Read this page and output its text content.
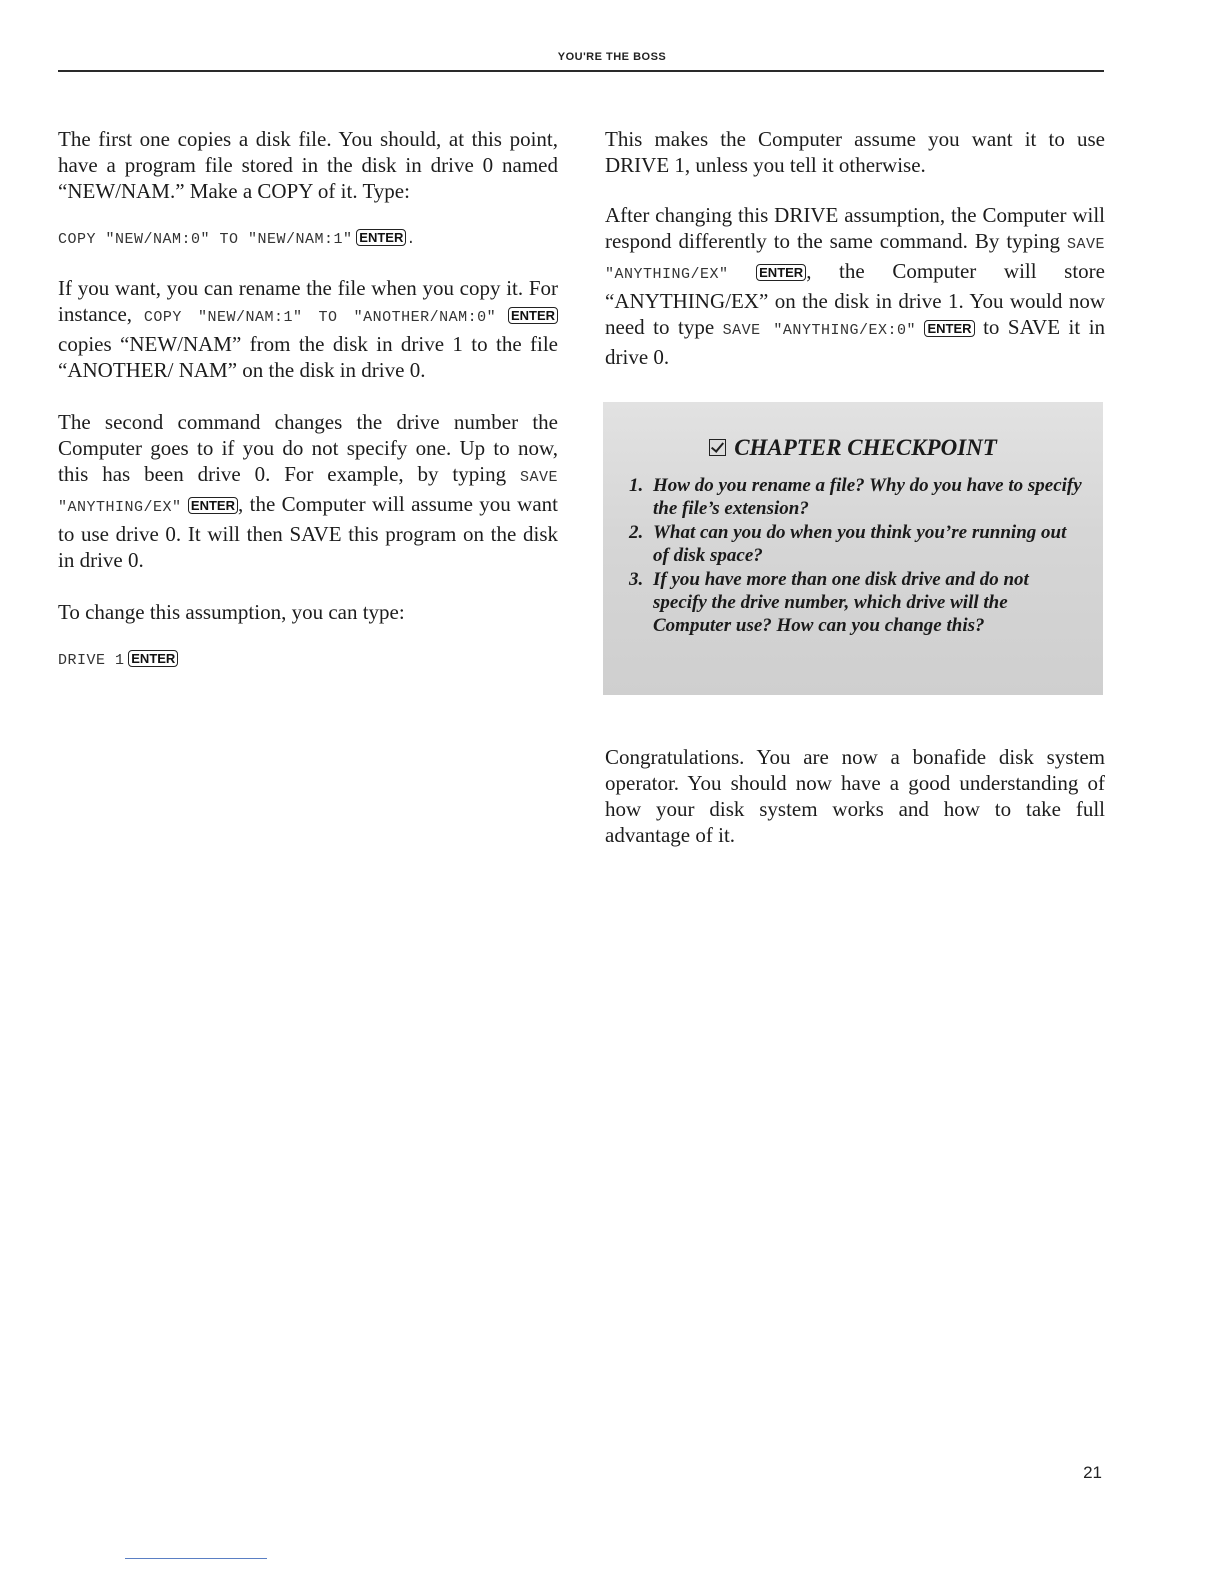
YOU'RE THE BOSS

The first one copies a disk file. You should, at this point, have a program file stored in the disk in drive 0 named “NEW/NAM.” Make a COPY of it. Type:

COPY "NEW/NAM:0" TO "NEW/NAM:1" ENTER .

If you want, you can rename the file when you copy it. For instance, COPY "NEW/NAM:1" TO "ANOTHER/NAM:0" ENTER copies “NEW/NAM” from the disk in drive 1 to the file “ANOTHER/ NAM” on the disk in drive 0.

The second command changes the drive number the Computer goes to if you do not specify one. Up to now, this has been drive 0. For example, by typing SAVE "ANYTHING/EX" ENTER , the Computer will assume you want to use drive 0. It will then SAVE this program on the disk in drive 0.

To change this assumption, you can type:

DRIVE 1 ENTER

This makes the Computer assume you want it to use DRIVE 1, unless you tell it otherwise.

After changing this DRIVE assumption, the Computer will respond differently to the same command. By typing SAVE "ANYTHING/EX" ENTER , the Computer will store “ANYTHING/EX” on the disk in drive 1. You would now need to type SAVE "ANYTHING/EX:0" ENTER to SAVE it in drive 0.

CHAPTER CHECKPOINT
1. How do you rename a file? Why do you have to specify the file’s extension?
2. What can you do when you think you’re running out of disk space?
3. If you have more than one disk drive and do not specify the drive number, which drive will the Computer use? How can you change this?

Congratulations. You are now a bonafide disk system operator. You should now have a good understanding of how your disk system works and how to take full advantage of it.

21
